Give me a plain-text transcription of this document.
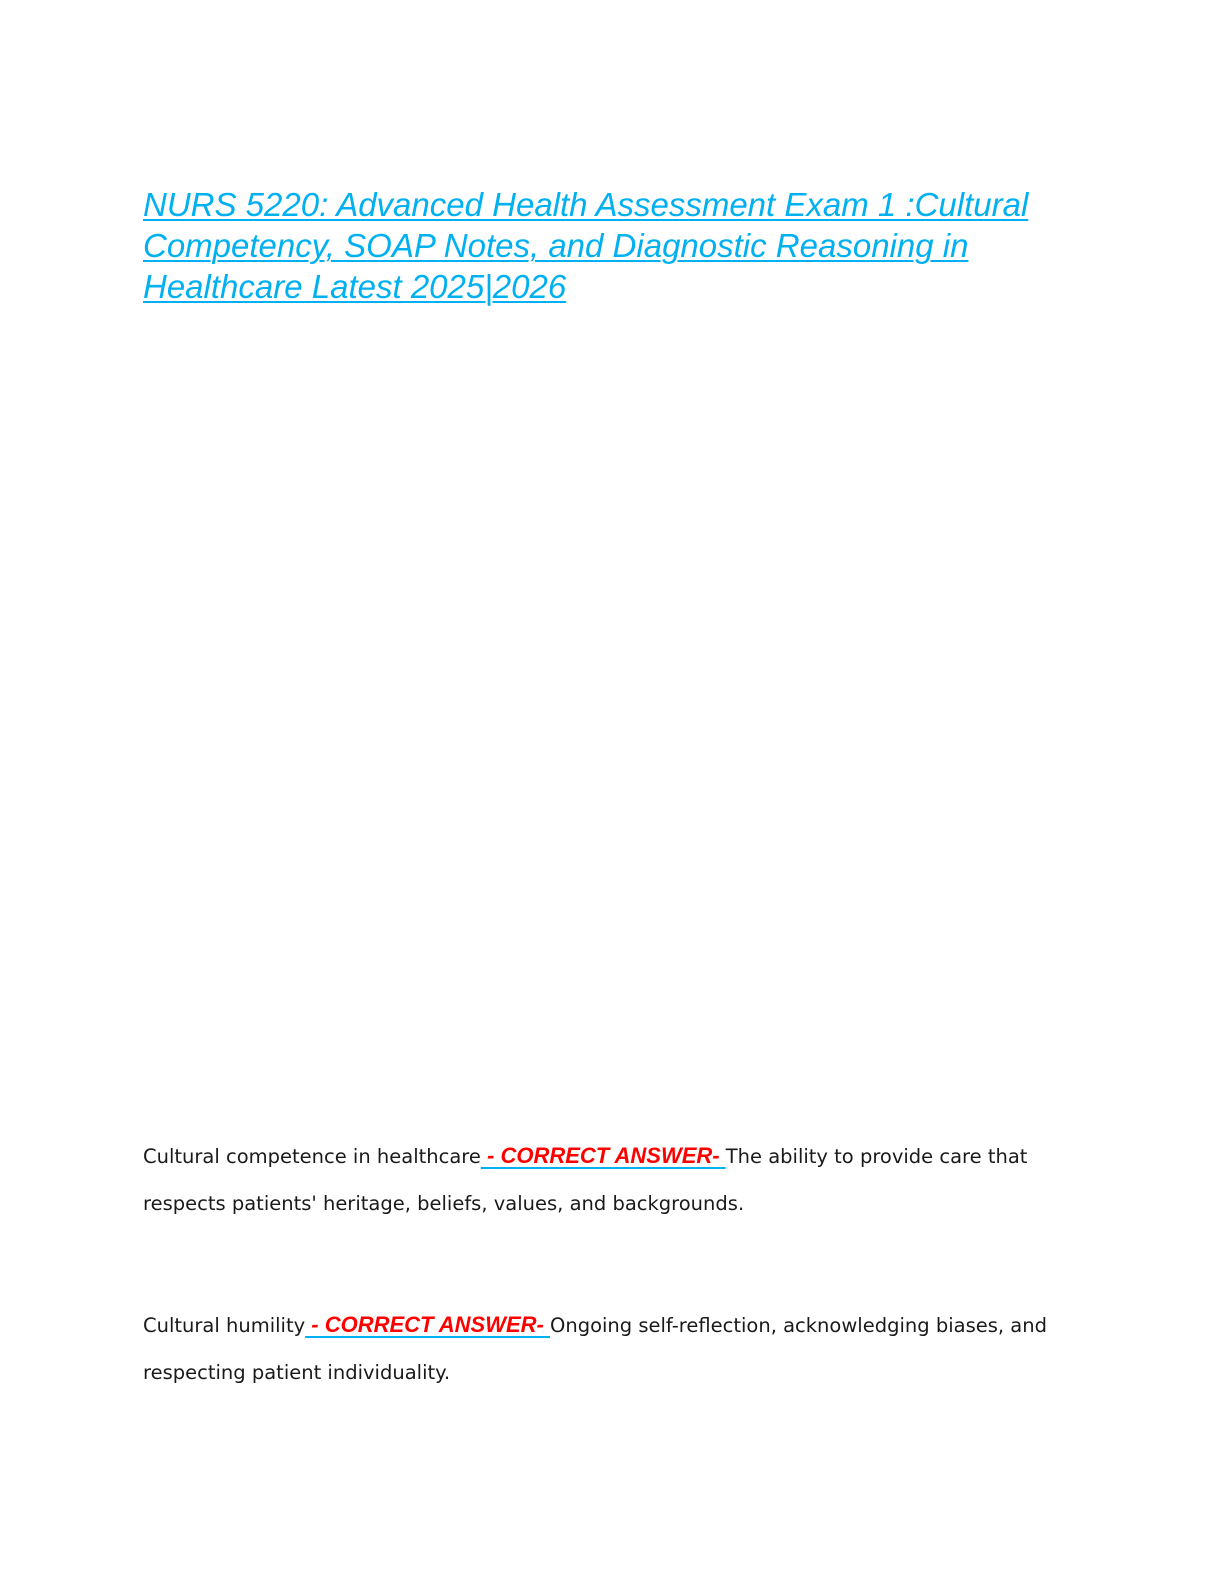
NURS 5220: Advanced Health Assessment Exam 1 :Cultural Competency, SOAP Notes, and Diagnostic Reasoning in Healthcare Latest 2025|2026

Cultural competence in healthcare - CORRECT ANSWER- The ability to provide care that respects patients' heritage, beliefs, values, and backgrounds.

Cultural humility - CORRECT ANSWER- Ongoing self-reflection, acknowledging biases, and respecting patient individuality.
